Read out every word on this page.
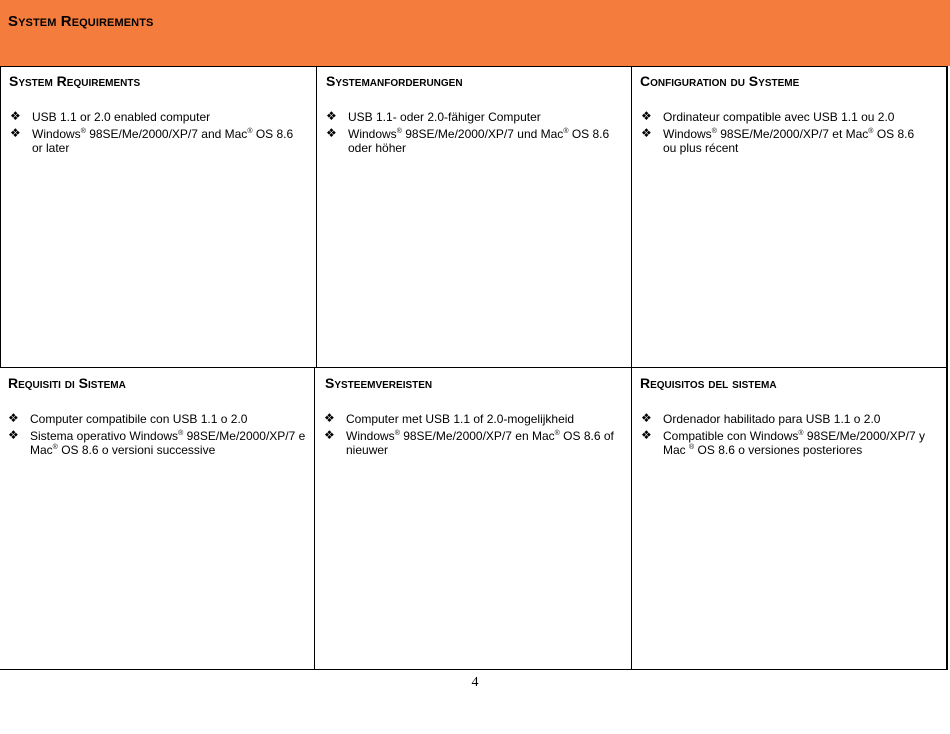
System Requirements
System Requirements
❖ USB 1.1 or 2.0 enabled computer
❖ Windows® 98SE/Me/2000/XP/7 and Mac® OS 8.6 or later
Systemanforderungen
❖ USB 1.1- oder 2.0-fähiger Computer
❖ Windows® 98SE/Me/2000/XP/7 und Mac® OS 8.6 oder höher
Configuration du Systeme
❖ Ordinateur compatible avec USB 1.1 ou 2.0
❖ Windows® 98SE/Me/2000/XP/7 et Mac® OS 8.6 ou plus récent
Requisiti di Sistema
❖ Computer compatibile con USB 1.1 o 2.0
❖ Sistema operativo Windows® 98SE/Me/2000/XP/7 e Mac® OS 8.6 o versioni successive
Systeemvereisten
❖ Computer met USB 1.1 of 2.0-mogelijkheid
❖ Windows® 98SE/Me/2000/XP/7 en Mac® OS 8.6 of nieuwer
Requisitos del sistema
❖ Ordenador habilitado para USB 1.1 o 2.0
❖ Compatible con Windows® 98SE/Me/2000/XP/7 y Mac ® OS 8.6 o versiones posteriores
4
